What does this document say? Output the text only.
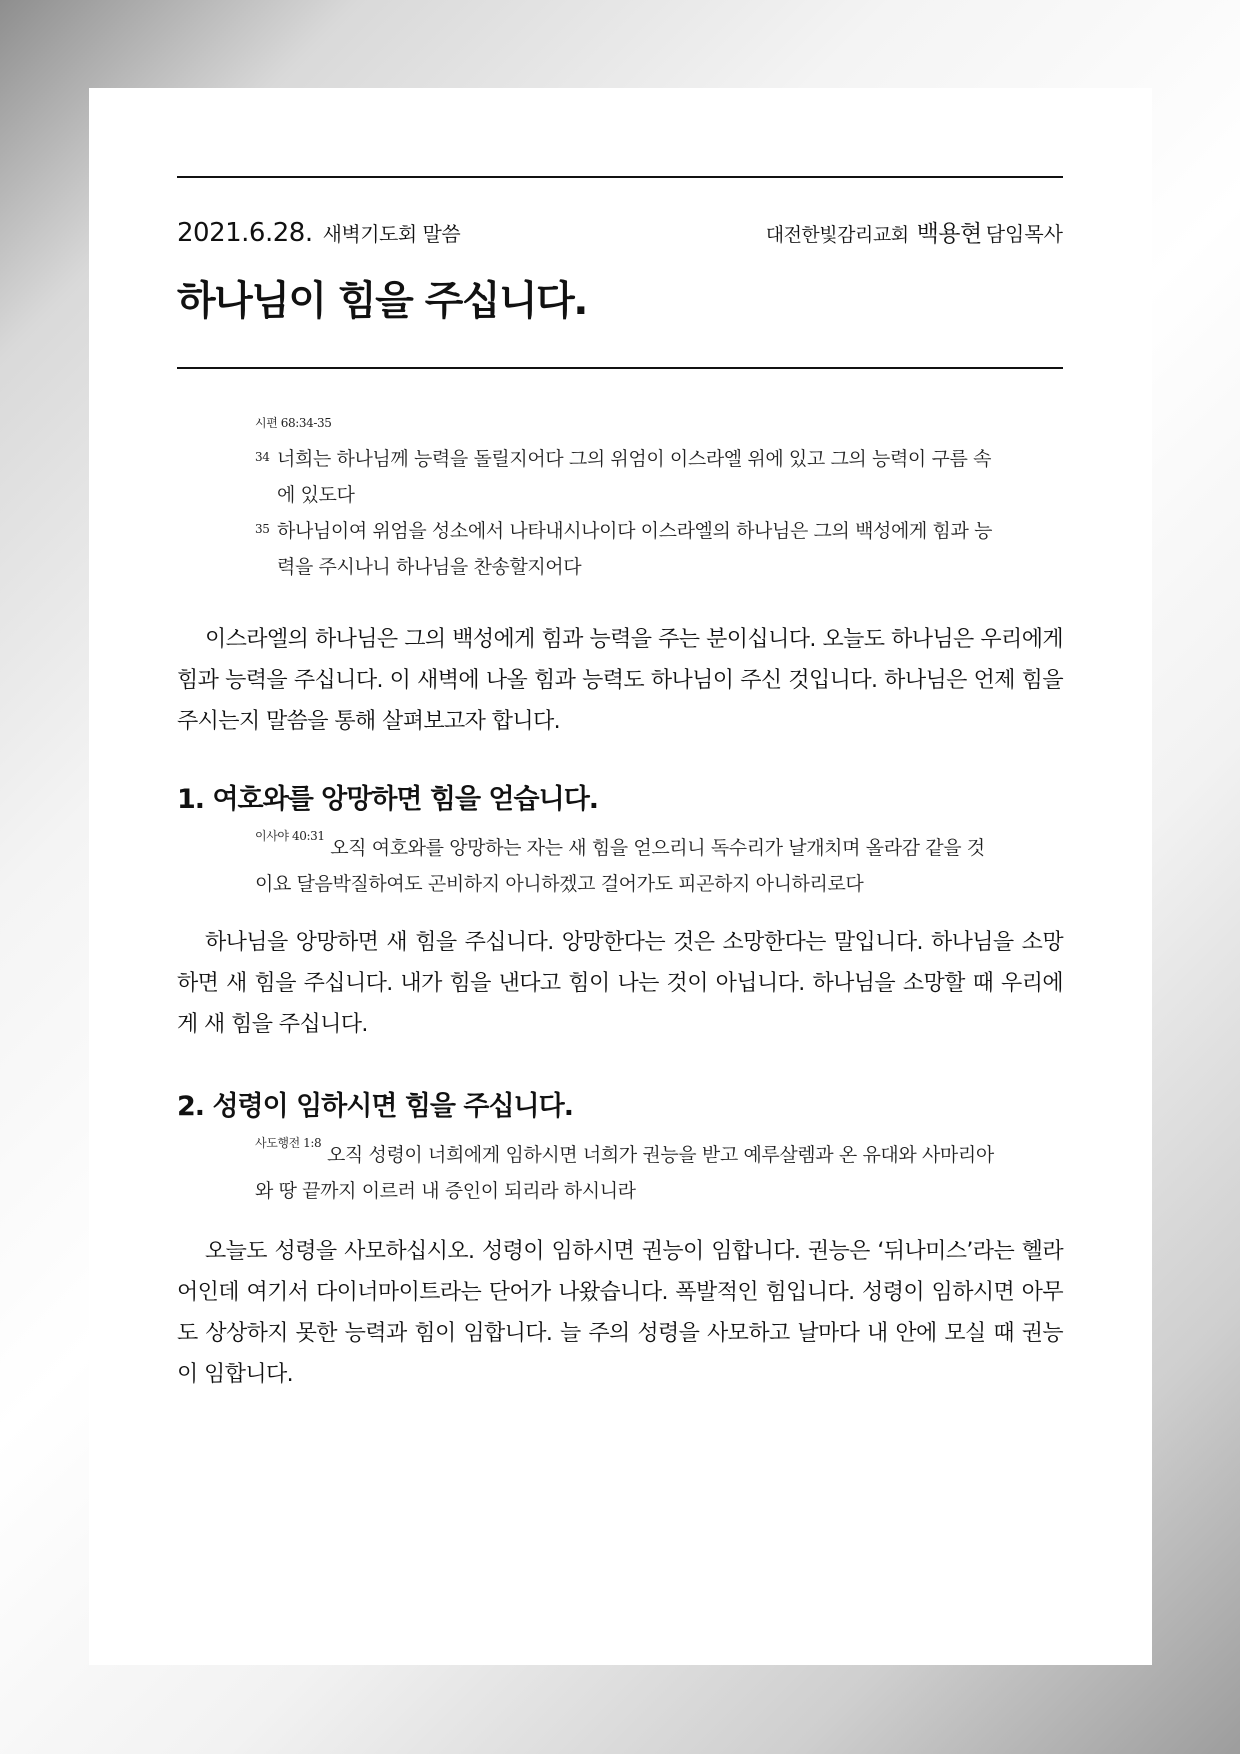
2021.6.28. 새벽기도회 말씀	대전한빛감리교회 백용현 담임목사
하나님이 힘을 주십니다.
시편 68:34-35
$^{34}$ 너희는 하나님께 능력을 돌릴지어다 그의 위엄이 이스라엘 위에 있고 그의 능력이 구름 속에 있도다
$^{35}$ 하나님이여 위엄을 성소에서 나타내시나이다 이스라엘의 하나님은 그의 백성에게 힘과 능력을 주시나니 하나님을 찬송할지어다

이스라엘의 하나님은 그의 백성에게 힘과 능력을 주는 분이십니다. 오늘도 하나님은 우리에게 힘과 능력을 주십니다. 이 새벽에 나올 힘과 능력도 하나님이 주신 것입니다. 하나님은 언제 힘을 주시는지 말씀을 통해 살펴보고자 합니다.

1. 여호와를 앙망하면 힘을 얻습니다.
$^{이사야 40:31}$ 오직 여호와를 앙망하는 자는 새 힘을 얻으리니 독수리가 날개치며 올라감 같을 것이요 달음박질하여도 곤비하지 아니하겠고 걸어가도 피곤하지 아니하리로다

하나님을 앙망하면 새 힘을 주십니다. 앙망한다는 것은 소망한다는 말입니다. 하나님을 소망하면 새 힘을 주십니다. 내가 힘을 낸다고 힘이 나는 것이 아닙니다. 하나님을 소망할 때 우리에게 새 힘을 주십니다.

2. 성령이 임하시면 힘을 주십니다.
$^{사도행전 1:8}$ 오직 성령이 너희에게 임하시면 너희가 권능을 받고 예루살렘과 온 유대와 사마리아와 땅 끝까지 이르러 내 증인이 되리라 하시니라

오늘도 성령을 사모하십시오. 성령이 임하시면 권능이 임합니다. 권능은 ‘뒤나미스’라는 헬라어인데 여기서 다이너마이트라는 단어가 나왔습니다. 폭발적인 힘입니다. 성령이 임하시면 아무도 상상하지 못한 능력과 힘이 임합니다. 늘 주의 성령을 사모하고 날마다 내 안에 모실 때 권능이 임합니다.
